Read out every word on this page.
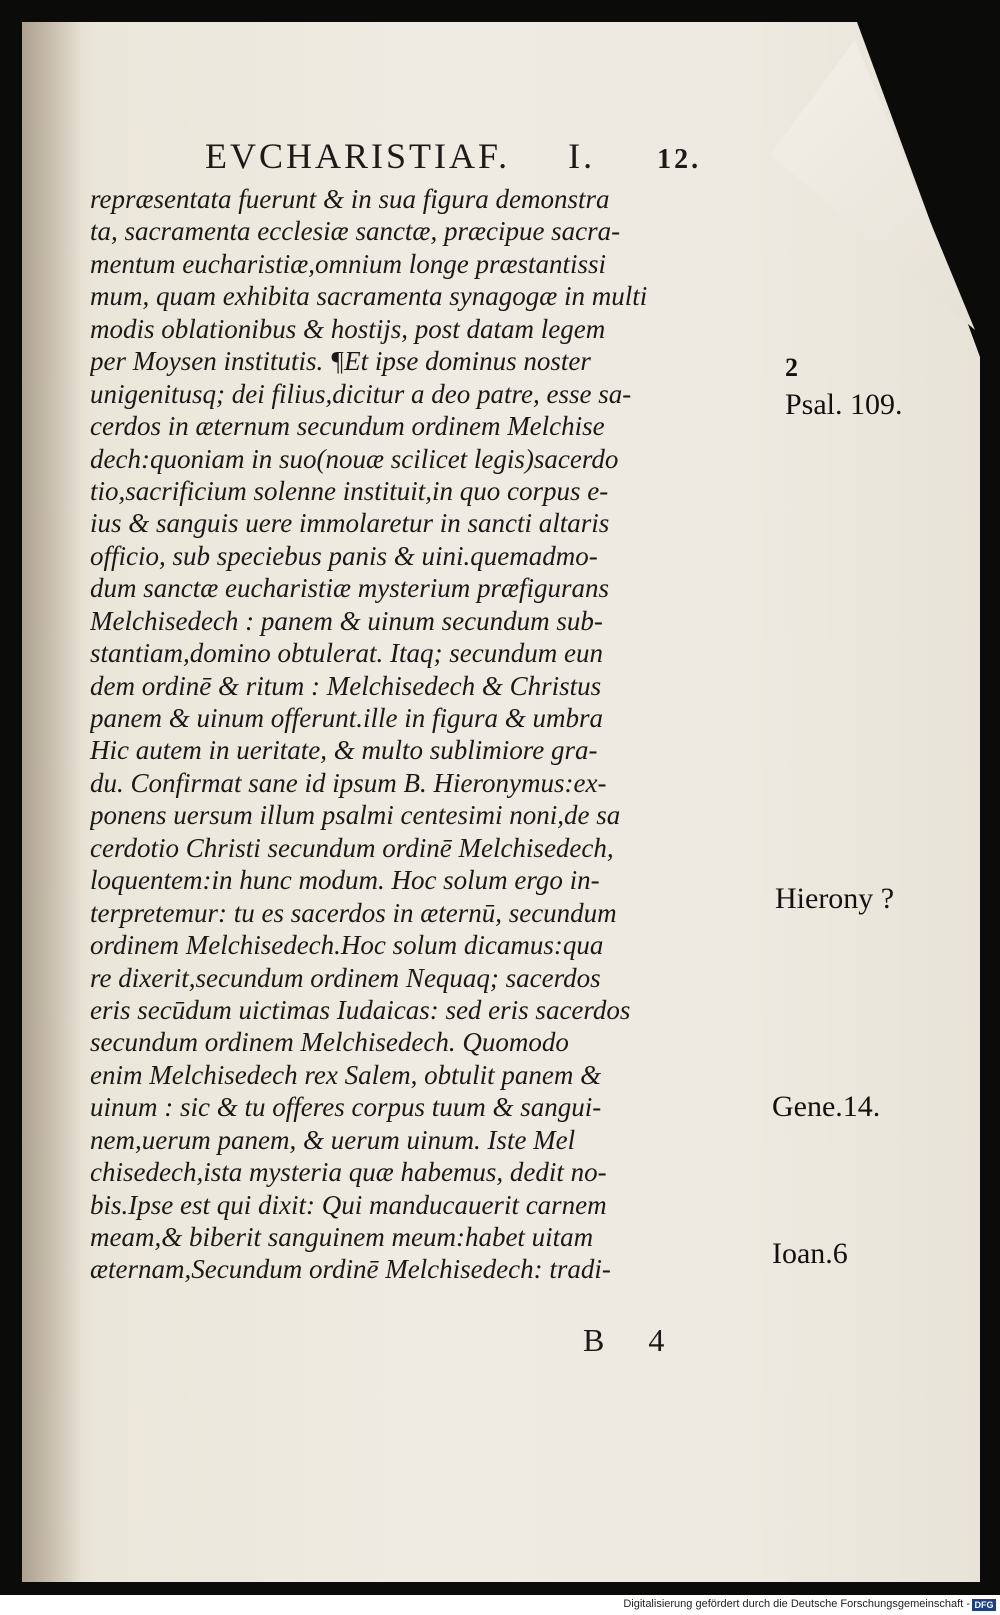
EVCHARISTIAF. I. 12.
repræsentata fuerunt & in sua figura demonstra
ta, sacramenta ecclesiæ sanctæ, præcipue sacra-
mentum eucharistiæ,omnium longe præstantissi
mum, quam exhibita sacramenta synagogæ in multi
modis oblationibus & hostijs, post datam legem
per Moysen institutis. ¶Et ipse dominus noster
unigenitusq; dei filius,dicitur a deo patre, esse sa-
cerdos in æternum secundum ordinem Melchise
dech:quoniam in suo(nouæ scilicet legis)sacerdo
tio,sacrificium solenne instituit,in quo corpus e-
ius & sanguis uere immolaretur in sancti altaris
officio, sub speciebus panis & uini.quemadmo-
dum sanctæ eucharistiæ mysterium præfigurans
Melchisedech : panem & uinum secundum sub-
stantiam,domino obtulerat. Itaq; secundum eun
dem ordinē & ritum : Melchisedech & Christus
panem & uinum offerunt.ille in figura & umbra
Hic autem in ueritate, & multo sublimiore gra-
du. Confirmat sane id ipsum B. Hieronymus:ex-
ponens uersum illum psalmi centesimi noni,de sa
cerdotio Christi secundum ordinē Melchisedech,
loquentem:in hunc modum. Hoc solum ergo in-
terpretemur: tu es sacerdos in æternū, secundum
ordinem Melchisedech.Hoc solum dicamus:qua
re dixerit,secundum ordinem Nequaq; sacerdos
eris secūdum uictimas Iudaicas: sed eris sacerdos
secundum ordinem Melchisedech. Quomodo
enim Melchisedech rex Salem, obtulit panem &
uinum : sic & tu offeres corpus tuum & sangui-
nem,uerum panem, & uerum uinum. Iste Mel
chisedech,ista mysteria quæ habemus, dedit no-
bis.Ipse est qui dixit: Qui manducauerit carnem
meam,& biberit sanguinem meum:habet uitam
æternam,Secundum ordinē Melchisedech: tradi-
2
Psal. 109.
Hierony ?
Gene.14.
Ioan.6
B 4
Digitalisierung gefördert durch die Deutsche Forschungsgemeinschaft - DFG
